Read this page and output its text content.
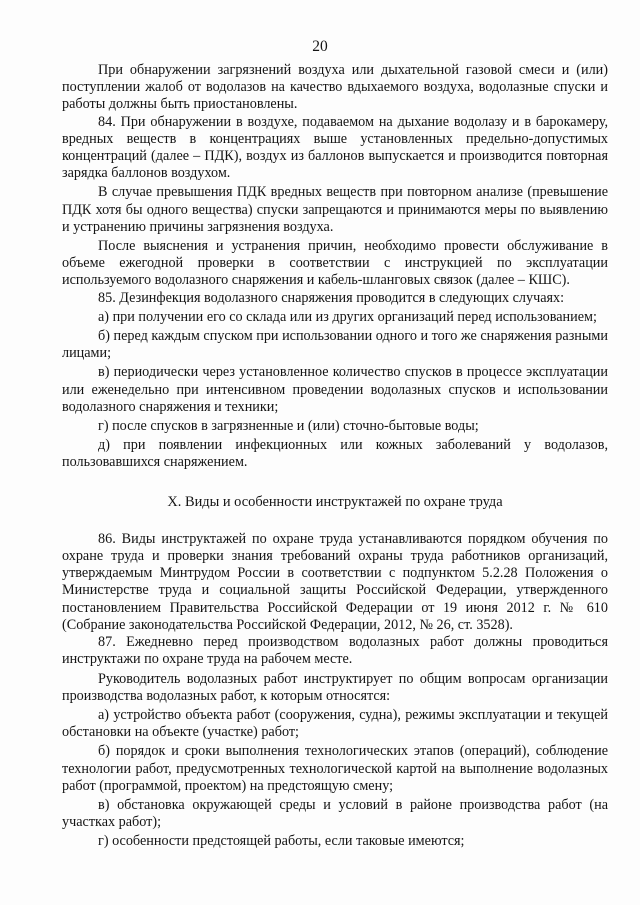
20

При обнаружении загрязнений воздуха или дыхательной газовой смеси и (или) поступлении жалоб от водолазов на качество вдыхаемого воздуха, водолазные спуски и работы должны быть приостановлены.

84. При обнаружении в воздухе, подаваемом на дыхание водолазу и в барокамеру, вредных веществ в концентрациях выше установленных предельно-допустимых концентраций (далее – ПДК), воздух из баллонов выпускается и производится повторная зарядка баллонов воздухом.

В случае превышения ПДК вредных веществ при повторном анализе (превышение ПДК хотя бы одного вещества) спуски запрещаются и принимаются меры по выявлению и устранению причины загрязнения воздуха.

После выяснения и устранения причин, необходимо провести обслуживание в объеме ежегодной проверки в соответствии с инструкцией по эксплуатации используемого водолазного снаряжения и кабель-шланговых связок (далее – КШС).

85. Дезинфекция водолазного снаряжения проводится в следующих случаях:

а) при получении его со склада или из других организаций перед использованием;

б) перед каждым спуском при использовании одного и того же снаряжения разными лицами;

в) периодически через установленное количество спусков в процессе эксплуатации или еженедельно при интенсивном проведении водолазных спусков и использовании водолазного снаряжения и техники;

г) после спусков в загрязненные и (или) сточно-бытовые воды;

д) при появлении инфекционных или кожных заболеваний у водолазов, пользовавшихся снаряжением.

X. Виды и особенности инструктажей по охране труда

86. Виды инструктажей по охране труда устанавливаются порядком обучения по охране труда и проверки знания требований охраны труда работников организаций, утверждаемым Минтрудом России в соответствии с подпунктом 5.2.28 Положения о Министерстве труда и социальной защиты Российской Федерации, утвержденного постановлением Правительства Российской Федерации от 19 июня 2012 г. № 610 (Собрание законодательства Российской Федерации, 2012, № 26, ст. 3528).

87. Ежедневно перед производством водолазных работ должны проводиться инструктажи по охране труда на рабочем месте.

Руководитель водолазных работ инструктирует по общим вопросам организации производства водолазных работ, к которым относятся:

а) устройство объекта работ (сооружения, судна), режимы эксплуатации и текущей обстановки на объекте (участке) работ;

б) порядок и сроки выполнения технологических этапов (операций), соблюдение технологии работ, предусмотренных технологической картой на выполнение водолазных работ (программой, проектом) на предстоящую смену;

в) обстановка окружающей среды и условий в районе производства работ (на участках работ);

г) особенности предстоящей работы, если таковые имеются;
